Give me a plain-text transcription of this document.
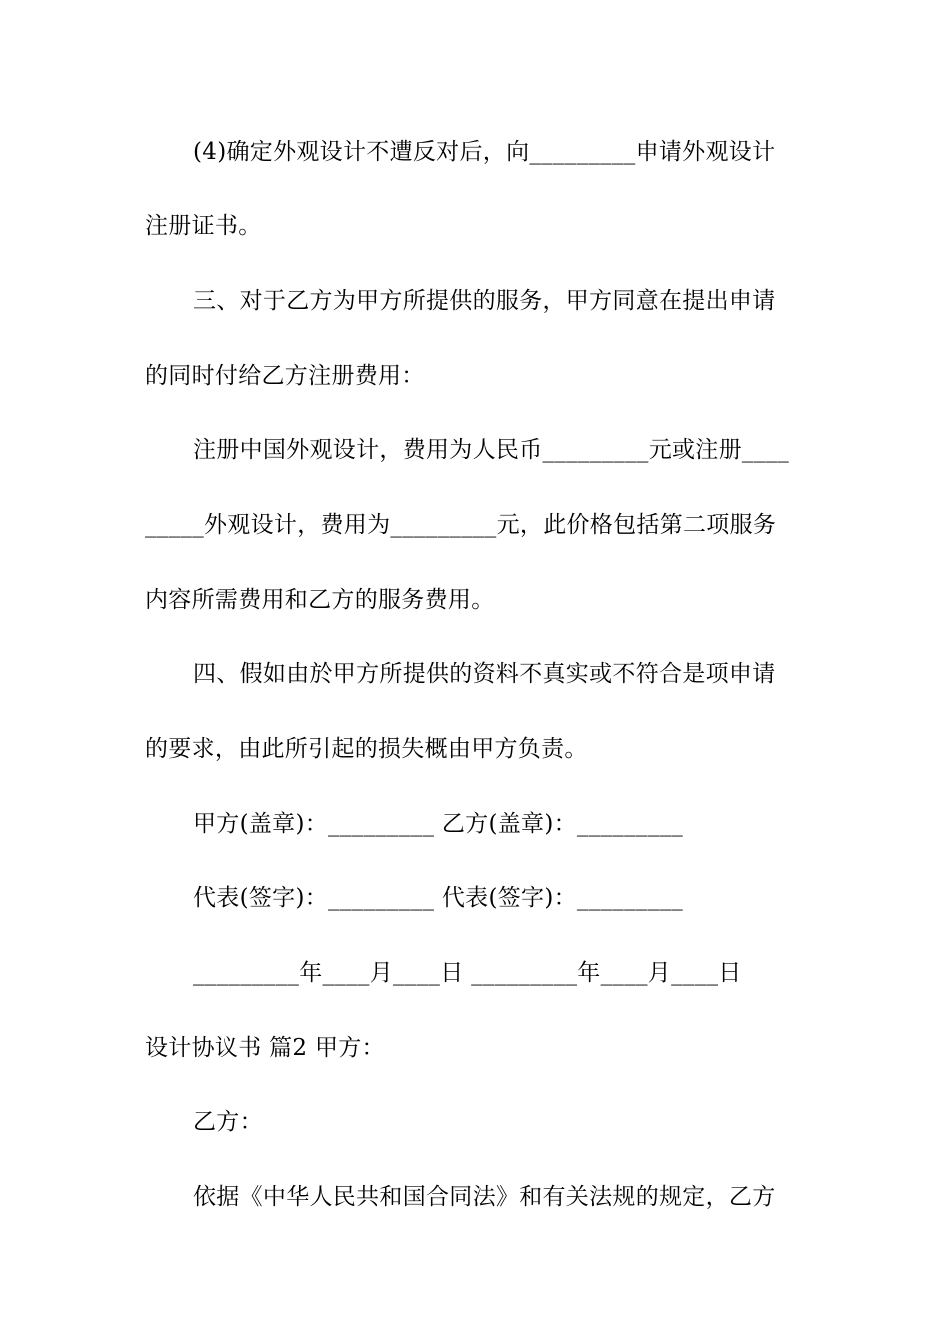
(4)确定外观设计不遭反对后，向_________申请外观设计
注册证书。
三、对于乙方为甲方所提供的服务，甲方同意在提出申请
的同时付给乙方注册费用：
注册中国外观设计，费用为人民币_________元或注册____
_____外观设计，费用为_________元，此价格包括第二项服务
内容所需费用和乙方的服务费用。
四、假如由於甲方所提供的资料不真实或不符合是项申请
的要求，由此所引起的损失概由甲方负责。
甲方(盖章)：_________ 乙方(盖章)：_________
代表(签字)：_________ 代表(签字)：_________
_________年____月____日 _________年____月____日
设计协议书 篇2 甲方：
乙方：
依据《中华人民共和国合同法》和有关法规的规定，乙方
